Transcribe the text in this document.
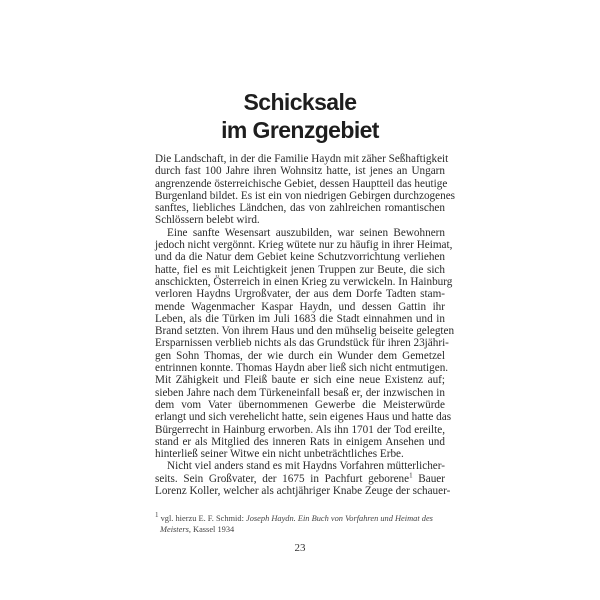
Schicksale
im Grenzgebiet
Die Landschaft, in der die Familie Haydn mit zäher Seßhaftigkeit
durch fast 100 Jahre ihren Wohnsitz hatte, ist jenes an Ungarn
angrenzende österreichische Gebiet, dessen Hauptteil das heutige
Burgenland bildet. Es ist ein von niedrigen Gebirgen durchzogenes
sanftes, liebliches Ländchen, das von zahlreichen romantischen
Schlössern belebt wird.
Eine sanfte Wesensart auszubilden, war seinen Bewohnern
jedoch nicht vergönnt. Krieg wütete nur zu häufig in ihrer Heimat,
und da die Natur dem Gebiet keine Schutzvorrichtung verliehen
hatte, fiel es mit Leichtigkeit jenen Truppen zur Beute, die sich
anschickten, Österreich in einen Krieg zu verwickeln. In Hainburg
verloren Haydns Urgroßvater, der aus dem Dorfe Tadten stam-
mende Wagenmacher Kaspar Haydn, und dessen Gattin ihr
Leben, als die Türken im Juli 1683 die Stadt einnahmen und in
Brand setzten. Von ihrem Haus und den mühselig beiseite gelegten
Ersparnissen verblieb nichts als das Grundstück für ihren 23jähri-
gen Sohn Thomas, der wie durch ein Wunder dem Gemetzel
entrinnen konnte. Thomas Haydn aber ließ sich nicht entmutigen.
Mit Zähigkeit und Fleiß baute er sich eine neue Existenz auf;
sieben Jahre nach dem Türkeneinfall besaß er, der inzwischen in
dem vom Vater übernommenen Gewerbe die Meisterwürde
erlangt und sich verehelicht hatte, sein eigenes Haus und hatte das
Bürgerrecht in Hainburg erworben. Als ihn 1701 der Tod ereilte,
stand er als Mitglied des inneren Rats in einigem Ansehen und
hinterließ seiner Witwe ein nicht unbeträchtliches Erbe.
Nicht viel anders stand es mit Haydns Vorfahren mütterlicher-
seits. Sein Großvater, der 1675 in Pachfurt geborene$^1$ Bauer
Lorenz Koller, welcher als achtjähriger Knabe Zeuge der schauer-
$^1$ vgl. hierzu E. F. Schmid: Joseph Haydn. Ein Buch von Vorfahren und Heimat des
Meisters, Kassel 1934
23
